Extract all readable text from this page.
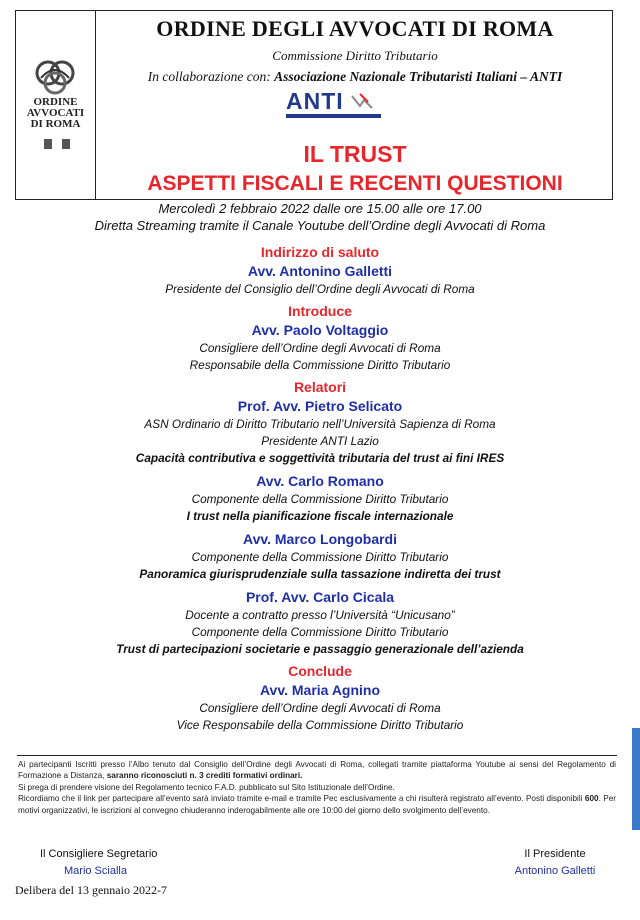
ORDINE
AVVOCATI
DI ROMA
ORDINE DEGLI AVVOCATI DI ROMA
Commissione Diritto Tributario
In collaborazione con: Associazione Nazionale Tributaristi Italiani – ANTI
ANTI
IL TRUST
ASPETTI FISCALI E RECENTI QUESTIONI
Mercoledì 2 febbraio 2022 dalle ore 15.00 alle ore 17.00
Diretta Streaming tramite il Canale Youtube dell’Ordine degli Avvocati di Roma
Indirizzo di saluto
Avv. Antonino Galletti
Presidente del Consiglio dell’Ordine degli Avvocati di Roma
Introduce
Avv. Paolo Voltaggio
Consigliere dell’Ordine degli Avvocati di Roma
Responsabile della Commissione Diritto Tributario
Relatori
Prof. Avv. Pietro Selicato
ASN Ordinario di Diritto Tributario nell’Università Sapienza di Roma
Presidente ANTI Lazio
Capacità contributiva e soggettività tributaria del trust ai fini IRES
Avv. Carlo Romano
Componente della Commissione Diritto Tributario
I trust nella pianificazione fiscale internazionale
Avv. Marco Longobardi
Componente della Commissione Diritto Tributario
Panoramica giurisprudenziale sulla tassazione indiretta dei trust
Prof. Avv. Carlo Cicala
Docente a contratto presso l’Università “Unicusano”
Componente della Commissione Diritto Tributario
Trust di partecipazioni societarie e passaggio generazionale dell’azienda
Conclude
Avv. Maria Agnino
Consigliere dell’Ordine degli Avvocati di Roma
Vice Responsabile della Commissione Diritto Tributario

Ai partecipanti Iscritti presso l’Albo tenuto dal Consiglio dell’Ordine degli Avvocati di Roma, collegati tramite piattaforma Youtube ai sensi del Regolamento di Formazione a Distanza, saranno riconosciuti n. 3 crediti formativi ordinari.

Si prega di prendere visione del Regolamento tecnico F.A.D. pubblicato sul Sito Istituzionale dell’Ordine.

Ricordiamo che il link per partecipare all’evento sarà inviato tramite e-mail e tramite Pec esclusivamente a chi risulterà registrato all’evento. Posti disponibili 600. Per motivi organizzativi, le iscrizioni al convegno chiuderanno inderogabilmente alle ore 10:00 del giorno dello svolgimento dell’evento.

Il Consigliere Segretario
Mario Scialla
Il Presidente
Antonino Galletti
Delibera del 13 gennaio 2022-7
